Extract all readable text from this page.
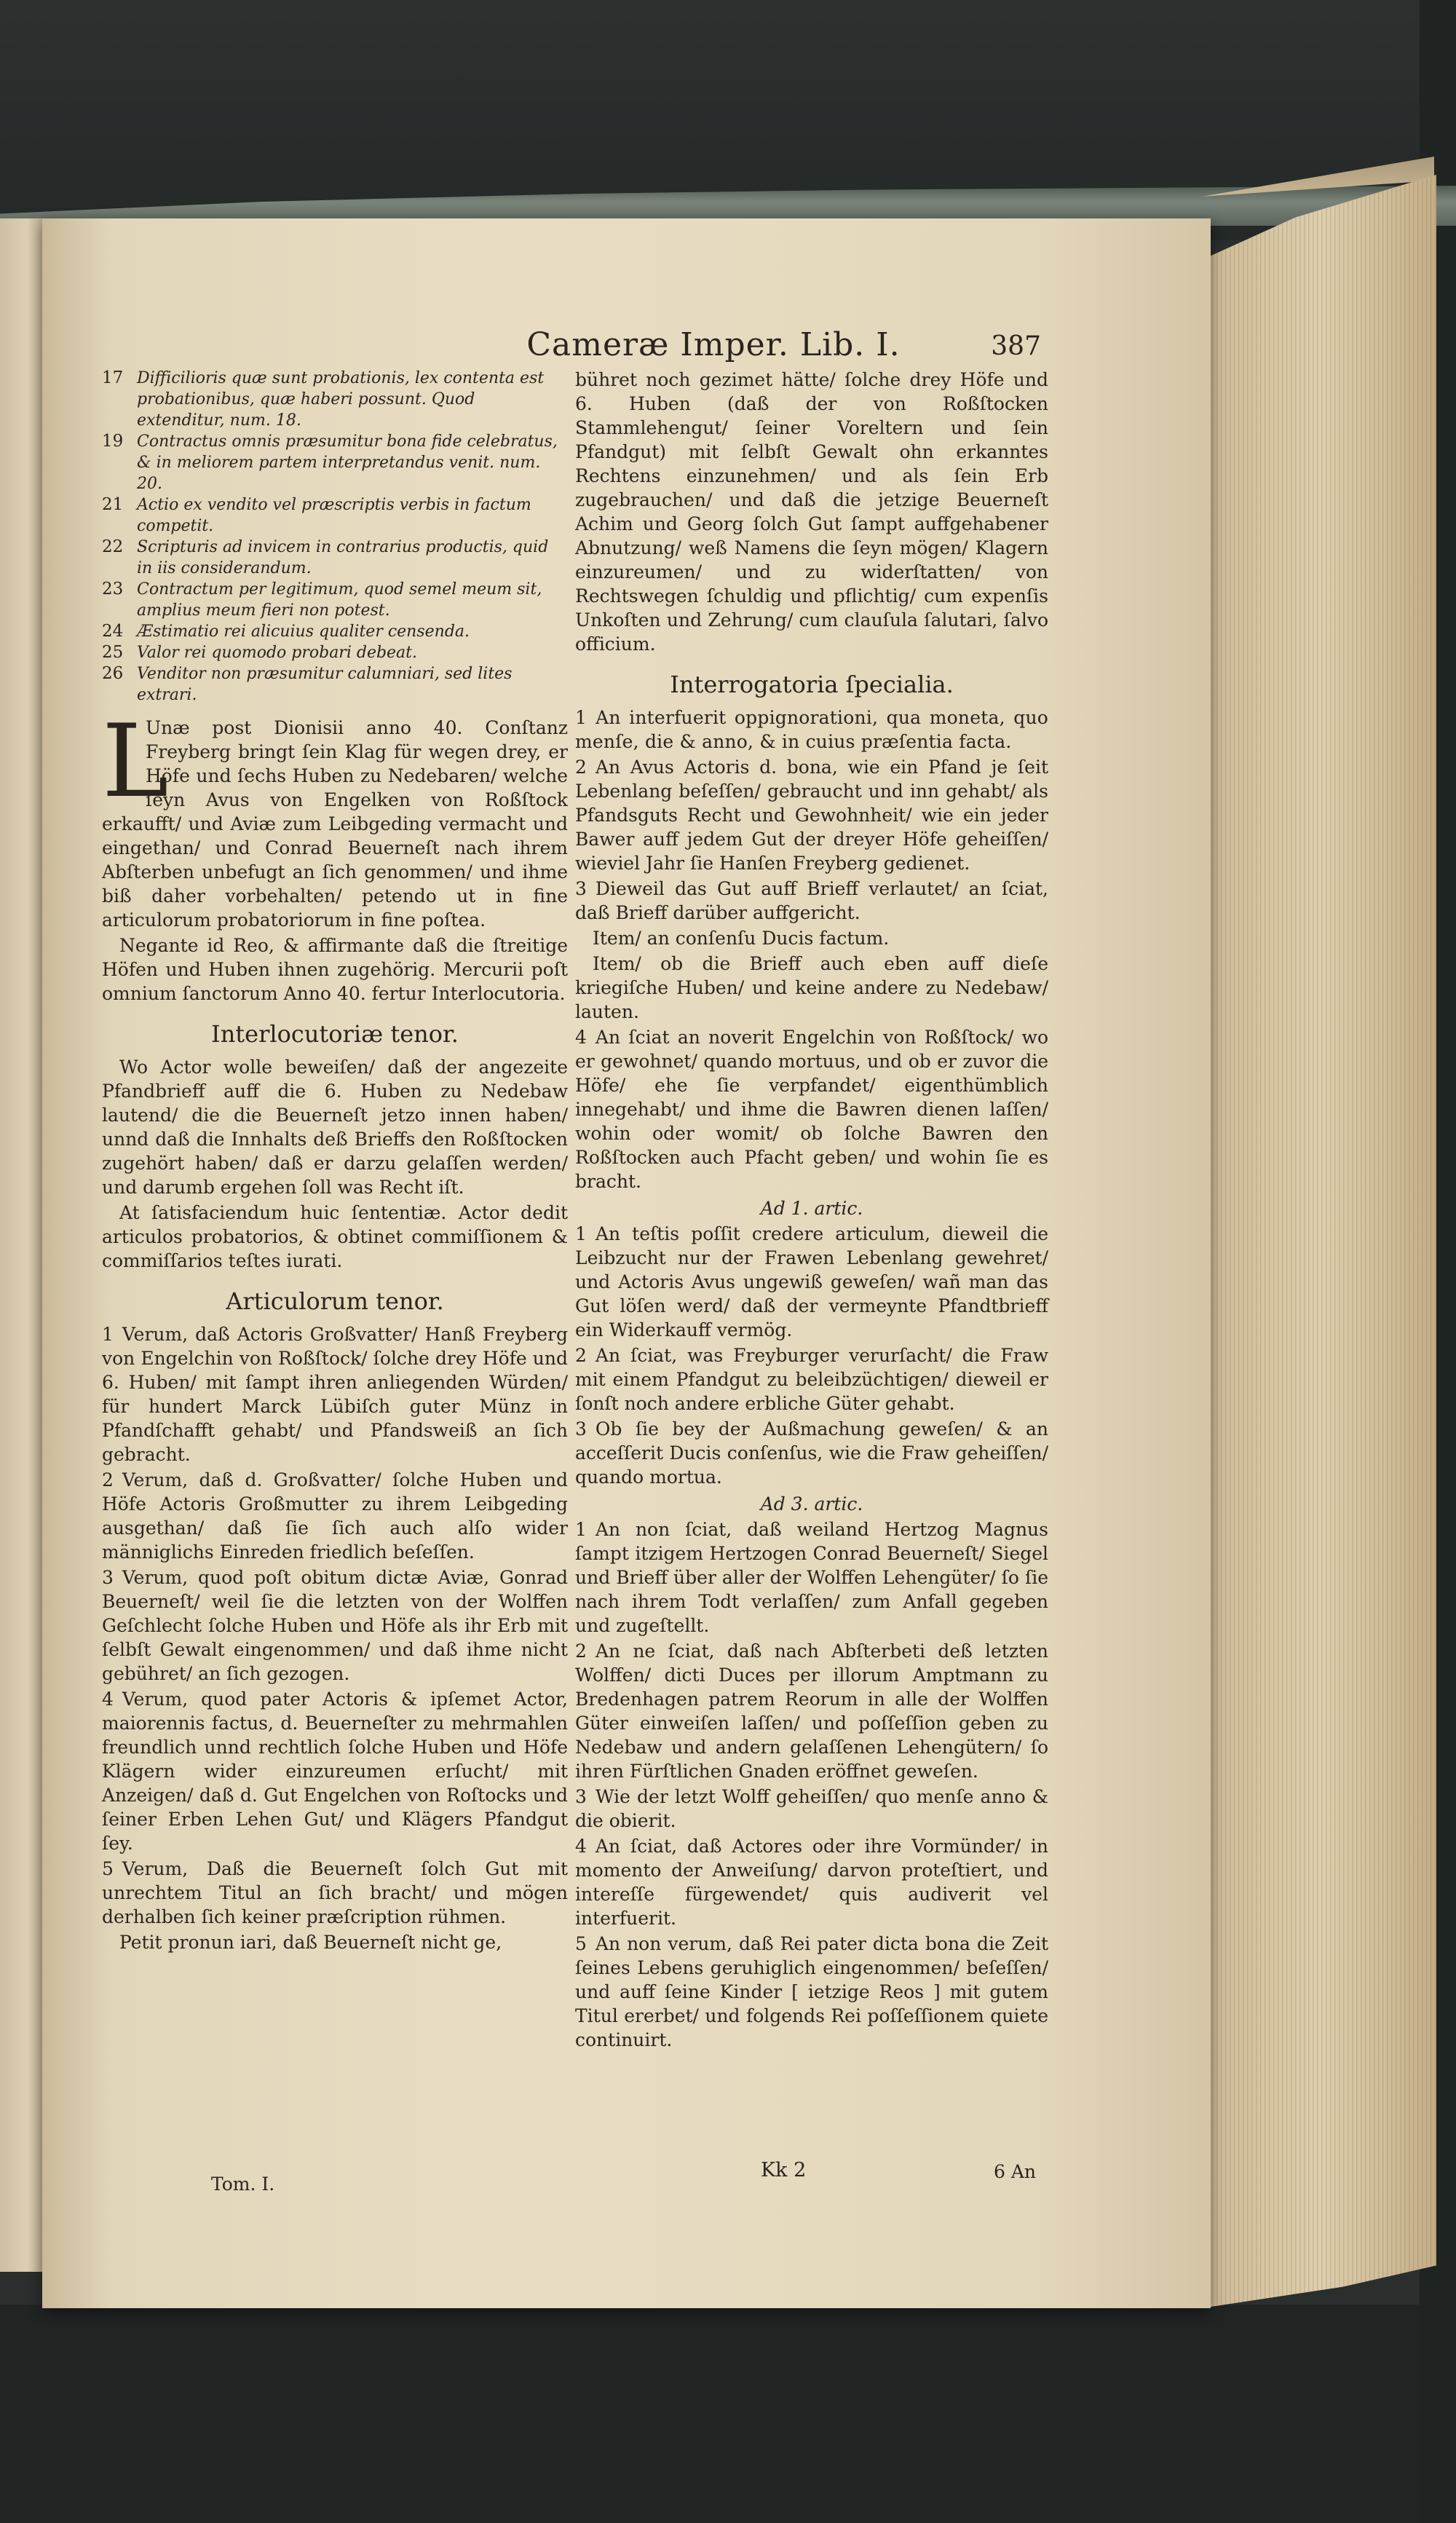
Cameræ Imper. Lib. I.	387
17 Difficilioris quæ sunt probationis, lex contenta est probationibus, quæ haberi possunt. Quod extenditur, num. 18.
19 Contractus omnis præsumitur bona fide celebratus, & in meliorem partem interpretandus venit. num. 20.
21 Actio ex vendito vel præscriptis verbis in factum competit.
22 Scripturis ad invicem in contrarius productis, quid in iis considerandum.
23 Contractum per legitimum, quod semel meum sit, amplius meum fieri non potest.
24 Æstimatio rei alicuius qualiter censenda.
25 Valor rei quomodo probari debeat.
26 Venditor non præsumitur calumniari, sed lites extrari.
L

Unæ post Dionisii anno 40. Conſtanz Freyberg bringt ſein Klag für wegen drey, er Höfe und ſechs Huben zu Nedebaren/ welche ſeyn Avus von Engelken von Roßſtock erkaufft/ und Aviæ zum Leibgeding vermacht und eingethan/ und Conrad Beuerneſt nach ihrem Abſterben unbefugt an ſich genommen/ und ihme biß daher vorbehalten/ petendo ut in fine articulorum probatoriorum in fine poſtea.

Negante id Reo, & affirmante daß die ſtreitige Höfen und Huben ihnen zugehörig. Mercurii poſt omnium ſanctorum Anno 40. fertur Interlocutoria.

Interlocutoriæ tenor.

Wo Actor wolle beweiſen/ daß der angezeite Pfandbrieff auff die 6. Huben zu Nedebaw lautend/ die die Beuerneſt jetzo innen haben/ unnd daß die Innhalts deß Brieffs den Roßſtocken zugehört haben/ daß er darzu gelaſſen werden/ und darumb ergehen ſoll was Recht iſt.

At ſatisfaciendum huic ſententiæ. Actor dedit articulos probatorios, & obtinet commiſſionem & commiſſarios teſtes iurati.

Articulorum tenor.
1 Verum, daß Actoris Großvatter/ Hanß Freyberg von Engelchin von Roßſtock/ ſolche drey Höfe und 6. Huben/ mit ſampt ihren anliegenden Würden/ für hundert Marck Lübiſch guter Münz in Pfandſchafft gehabt/ und Pfandsweiß an ſich gebracht.
2 Verum, daß d. Großvatter/ ſolche Huben und Höfe Actoris Großmutter zu ihrem Leibgeding ausgethan/ daß ſie ſich auch alſo wider männiglichs Einreden friedlich beſeſſen.
3 Verum, quod poſt obitum dictæ Aviæ, Gonrad Beuerneſt/ weil ſie die letzten von der Wolffen Geſchlecht ſolche Huben und Höfe als ihr Erb mit ſelbſt Gewalt eingenommen/ und daß ihme nicht gebühret/ an ſich gezogen.
4 Verum, quod pater Actoris & ipſemet Actor, maiorennis factus, d. Beuerneſter zu mehrmahlen freundlich unnd rechtlich ſolche Huben und Höfe Klägern wider einzureumen erſucht/ mit Anzeigen/ daß d. Gut Engelchen von Roſtocks und ſeiner Erben Lehen Gut/ und Klägers Pfandgut ſey.
5 Verum, Daß die Beuerneſt ſolch Gut mit unrechtem Titul an ſich bracht/ und mögen derhalben ſich keiner præſcription rühmen.
Petit pronun iari, daß Beuerneſt nicht ge,

bühret noch gezimet hätte/ ſolche drey Höfe und 6. Huben (daß der von Roßſtocken Stammlehengut/ ſeiner Voreltern und ſein Pfandgut) mit ſelbſt Gewalt ohn erkanntes Rechtens einzunehmen/ und als ſein Erb zugebrauchen/ und daß die jetzige Beuerneſt Achim und Georg ſolch Gut ſampt auffgehabener Abnutzung/ weß Namens die ſeyn mögen/ Klagern einzureumen/ und zu widerſtatten/ von Rechtswegen ſchuldig und pflichtig/ cum expenſis Unkoſten und Zehrung/ cum clauſula ſalutari, ſalvo officium.

Interrogatoria ſpecialia.
1 An interfuerit oppignorationi, qua moneta, quo menſe, die & anno, & in cuius præſentia facta.
2 An Avus Actoris d. bona, wie ein Pfand je ſeit Lebenlang beſeſſen/ gebraucht und inn gehabt/ als Pfandsguts Recht und Gewohnheit/ wie ein jeder Bawer auff jedem Gut der dreyer Höfe geheiſſen/ wieviel Jahr ſie Hanſen Freyberg gedienet.
3 Dieweil das Gut auff Brieff verlautet/ an ſciat, daß Brieff darüber auffgericht.
Item/ an conſenſu Ducis factum.
Item/ ob die Brieff auch eben auff dieſe kriegiſche Huben/ und keine andere zu Nedebaw/ lauten.
4 An ſciat an noverit Engelchin von Roßſtock/ wo er gewohnet/ quando mortuus, und ob er zuvor die Höfe/ ehe ſie verpfandet/ eigenthümblich innegehabt/ und ihme die Bawren dienen laſſen/ wohin oder womit/ ob ſolche Bawren den Roßſtocken auch Pfacht geben/ und wohin ſie es bracht.
Ad 1. artic.
1 An teſtis poſſit credere articulum, dieweil die Leibzucht nur der Frawen Lebenlang gewehret/ und Actoris Avus ungewiß geweſen/ wañ man das Gut löſen werd/ daß der vermeynte Pfandtbrieff ein Widerkauff vermög.
2 An ſciat, was Freyburger verurſacht/ die Fraw mit einem Pfandgut zu beleibzüchtigen/ dieweil er ſonſt noch andere erbliche Güter gehabt.
3 Ob ſie bey der Außmachung geweſen/ & an acceſſerit Ducis conſenſus, wie die Fraw geheiſſen/ quando mortua.
Ad 3. artic.
1 An non ſciat, daß weiland Hertzog Magnus ſampt itzigem Hertzogen Conrad Beuerneſt/ Siegel und Brieff über aller der Wolffen Lehengüter/ ſo ſie nach ihrem Todt verlaſſen/ zum Anfall gegeben und zugeſtellt.
2 An ne ſciat, daß nach Abſterbeti deß letzten Wolffen/ dicti Duces per illorum Amptmann zu Bredenhagen patrem Reorum in alle der Wolffen Güter einweiſen laſſen/ und poſſeſſion geben zu Nedebaw und andern gelaſſenen Lehengütern/ ſo ihren Fürſtlichen Gnaden eröffnet geweſen.
3 Wie der letzt Wolff geheiſſen/ quo menſe anno & die obierit.
4 An ſciat, daß Actores oder ihre Vormünder/ in momento der Anweiſung/ darvon proteſtiert, und intereſſe fürgewendet/ quis audiverit vel interfuerit.
5 An non verum, daß Rei pater dicta bona die Zeit ſeines Lebens geruhiglich eingenommen/ beſeſſen/ und auff ſeine Kinder [ ietzige Reos ] mit gutem Titul ererbet/ und folgends Rei poſſeſſionem quiete continuirt.
Tom. I.
Kk 2	6 An
